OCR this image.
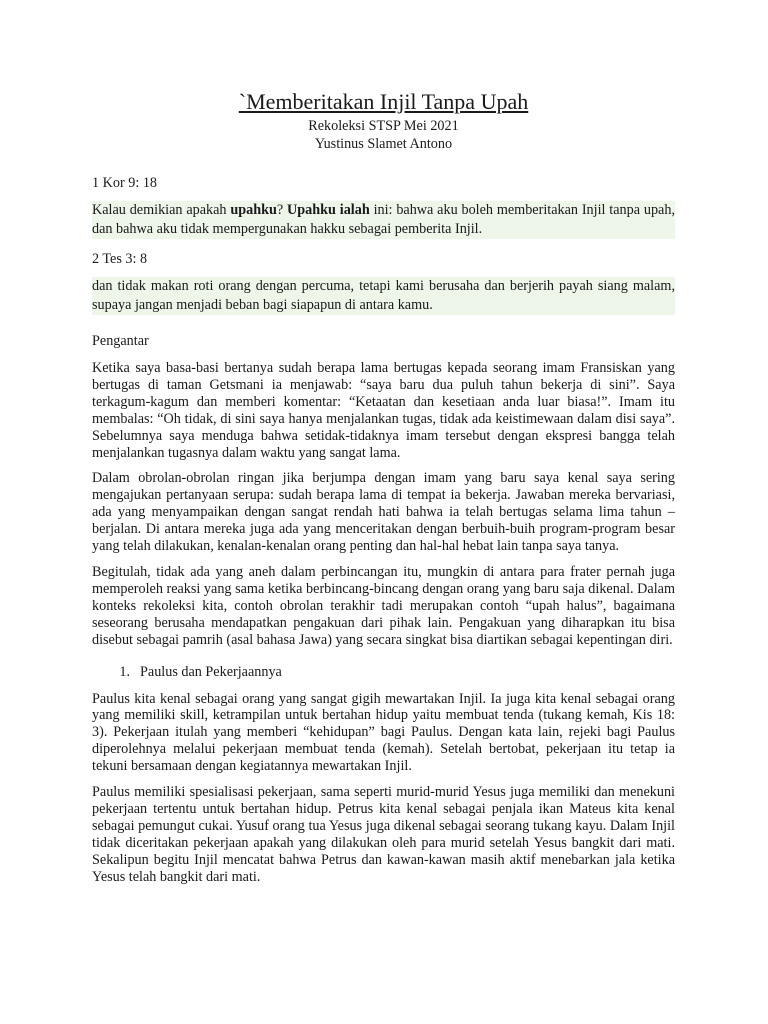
`Memberitakan Injil Tanpa Upah
Rekoleksi STSP Mei 2021
Yustinus Slamet Antono
1 Kor 9: 18

Kalau demikian apakah upahku? Upahku ialah ini: bahwa aku boleh memberitakan Injil tanpa upah, dan bahwa aku tidak mempergunakan hakku sebagai pemberita Injil.

2 Tes 3: 8

dan tidak makan roti orang dengan percuma, tetapi kami berusaha dan berjerih payah siang malam, supaya jangan menjadi beban bagi siapapun di antara kamu.

Pengantar

Ketika saya basa-basi bertanya sudah berapa lama bertugas kepada seorang imam Fransiskan yang bertugas di taman Getsmani ia menjawab: “saya baru dua puluh tahun bekerja di sini”. Saya terkagum-kagum dan memberi komentar: “Ketaatan dan kesetiaan anda luar biasa!”. Imam itu membalas: “Oh tidak, di sini saya hanya menjalankan tugas, tidak ada keistimewaan dalam disi saya”. Sebelumnya saya menduga bahwa setidak-tidaknya imam tersebut dengan ekspresi bangga telah menjalankan tugasnya dalam waktu yang sangat lama.

Dalam obrolan-obrolan ringan jika berjumpa dengan imam yang baru saya kenal saya sering mengajukan pertanyaan serupa: sudah berapa lama di tempat ia bekerja. Jawaban mereka bervariasi, ada yang menyampaikan dengan sangat rendah hati bahwa ia telah bertugas selama lima tahun – berjalan. Di antara mereka juga ada yang menceritakan dengan berbuih-buih program-program besar yang telah dilakukan, kenalan-kenalan orang penting dan hal-hal hebat lain tanpa saya tanya.

Begitulah, tidak ada yang aneh dalam perbincangan itu, mungkin di antara para frater pernah juga memperoleh reaksi yang sama ketika berbincang-bincang dengan orang yang baru saja dikenal. Dalam konteks rekoleksi kita, contoh obrolan terakhir tadi merupakan contoh “upah halus”, bagaimana seseorang berusaha mendapatkan pengakuan dari pihak lain. Pengakuan yang diharapkan itu bisa disebut sebagai pamrih (asal bahasa Jawa) yang secara singkat bisa diartikan sebagai kepentingan diri.

1. Paulus dan Pekerjaannya

Paulus kita kenal sebagai orang yang sangat gigih mewartakan Injil. Ia juga kita kenal sebagai orang yang memiliki skill, ketrampilan untuk bertahan hidup yaitu membuat tenda (tukang kemah, Kis 18: 3). Pekerjaan itulah yang memberi “kehidupan” bagi Paulus. Dengan kata lain, rejeki bagi Paulus diperolehnya melalui pekerjaan membuat tenda (kemah). Setelah bertobat, pekerjaan itu tetap ia tekuni bersamaan dengan kegiatannya mewartakan Injil.

Paulus memiliki spesialisasi pekerjaan, sama seperti murid-murid Yesus juga memiliki dan menekuni pekerjaan tertentu untuk bertahan hidup. Petrus kita kenal sebagai penjala ikan Mateus kita kenal sebagai pemungut cukai. Yusuf orang tua Yesus juga dikenal sebagai seorang tukang kayu. Dalam Injil tidak diceritakan pekerjaan apakah yang dilakukan oleh para murid setelah Yesus bangkit dari mati. Sekalipun begitu Injil mencatat bahwa Petrus dan kawan-kawan masih aktif menebarkan jala ketika Yesus telah bangkit dari mati.
